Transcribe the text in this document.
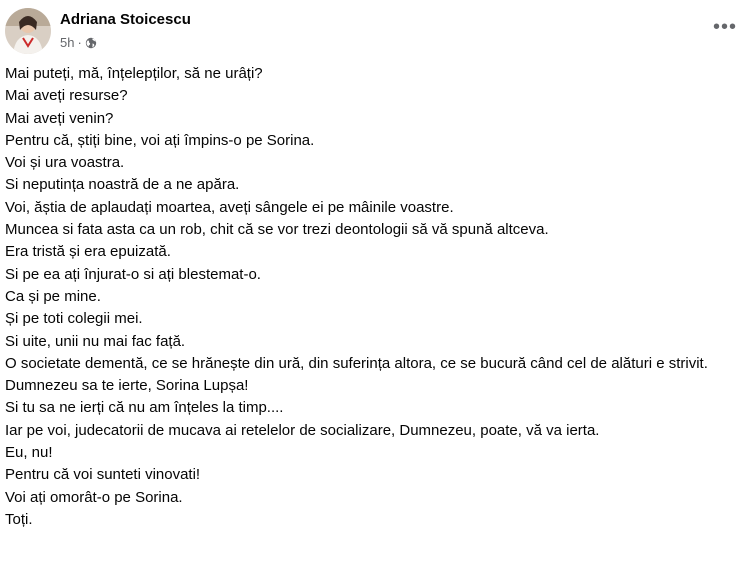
Adriana Stoicescu
5h ·
•••
Mai puteți, mă, înțelepților, să ne urâți?
Mai aveți resurse?
Mai aveți venin?
Pentru că, știți bine, voi ați împins-o pe Sorina.
Voi și ura voastra.
Si neputința noastră de a ne apăra.
Voi, ăștia de aplaudați moartea, aveți sângele ei pe mâinile voastre.
Muncea si fata asta ca un rob, chit că se vor trezi deontologii să vă spună altceva.
Era tristă și era epuizată.
Si pe ea ați înjurat-o si ați blestemat-o.
Ca și pe mine.
Și pe toti colegii mei.
Si uite, unii nu mai fac față.
O societate dementă, ce se hrănește din ură, din suferința altora, ce se bucură când cel de alături e strivit.
Dumnezeu sa te ierte, Sorina Lupșa!
Si tu sa ne ierți că nu am înțeles la timp....
Iar pe voi, judecatorii de mucava ai retelelor de socializare, Dumnezeu, poate, vă va ierta.
Eu, nu!
Pentru că voi sunteti vinovati!
Voi ați omorât-o pe Sorina.
Toți.
